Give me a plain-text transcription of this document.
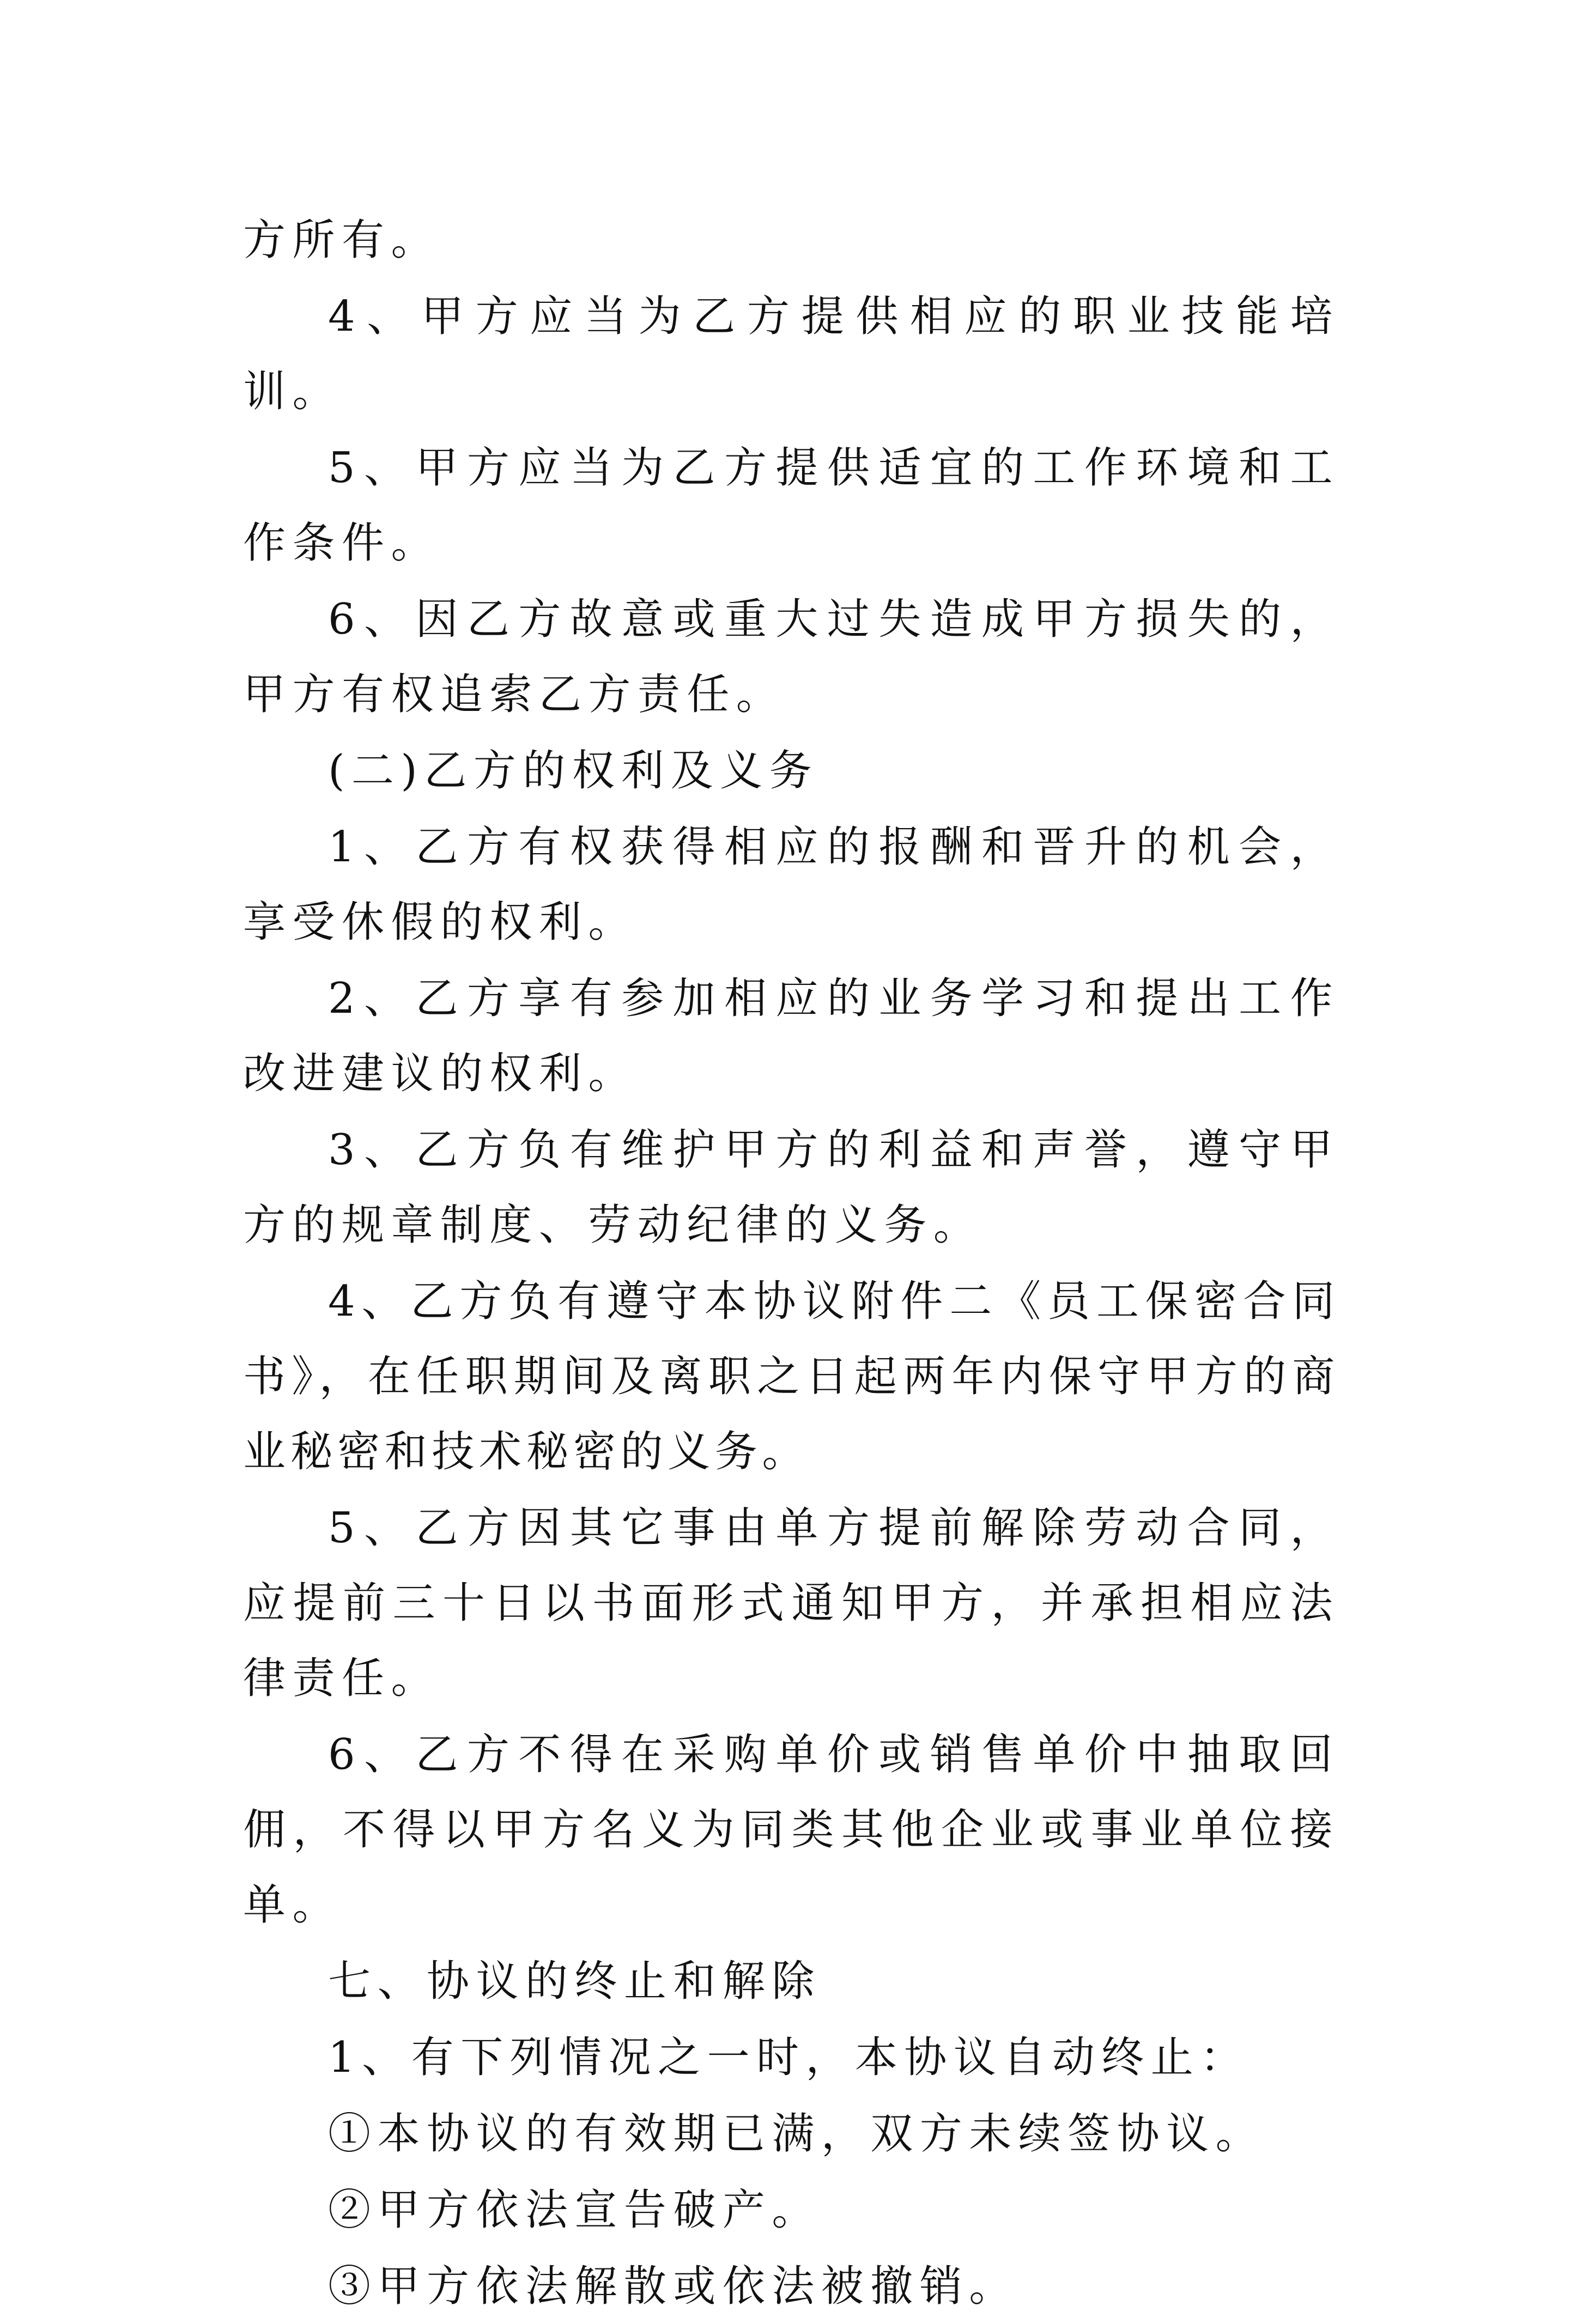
方所有。

4、甲方应当为乙方提供相应的职业技能培训。

5、甲方应当为乙方提供适宜的工作环境和工作条件。

6、因乙方故意或重大过失造成甲方损失的，甲方有权追索乙方责任。

(二)乙方的权利及义务

1、乙方有权获得相应的报酬和晋升的机会，享受休假的权利。

2、乙方享有参加相应的业务学习和提出工作改进建议的权利。

3、乙方负有维护甲方的利益和声誉，遵守甲方的规章制度、劳动纪律的义务。

4、乙方负有遵守本协议附件二《员工保密合同书》，在任职期间及离职之日起两年内保守甲方的商业秘密和技术秘密的义务。

5、乙方因其它事由单方提前解除劳动合同，应提前三十日以书面形式通知甲方，并承担相应法律责任。

6、乙方不得在采购单价或销售单价中抽取回佣，不得以甲方名义为同类其他企业或事业单位接单。

七、协议的终止和解除

1、有下列情况之一时，本协议自动终止：

①本协议的有效期已满，双方未续签协议。

②甲方依法宣告破产。

③甲方依法解散或依法被撤销。
